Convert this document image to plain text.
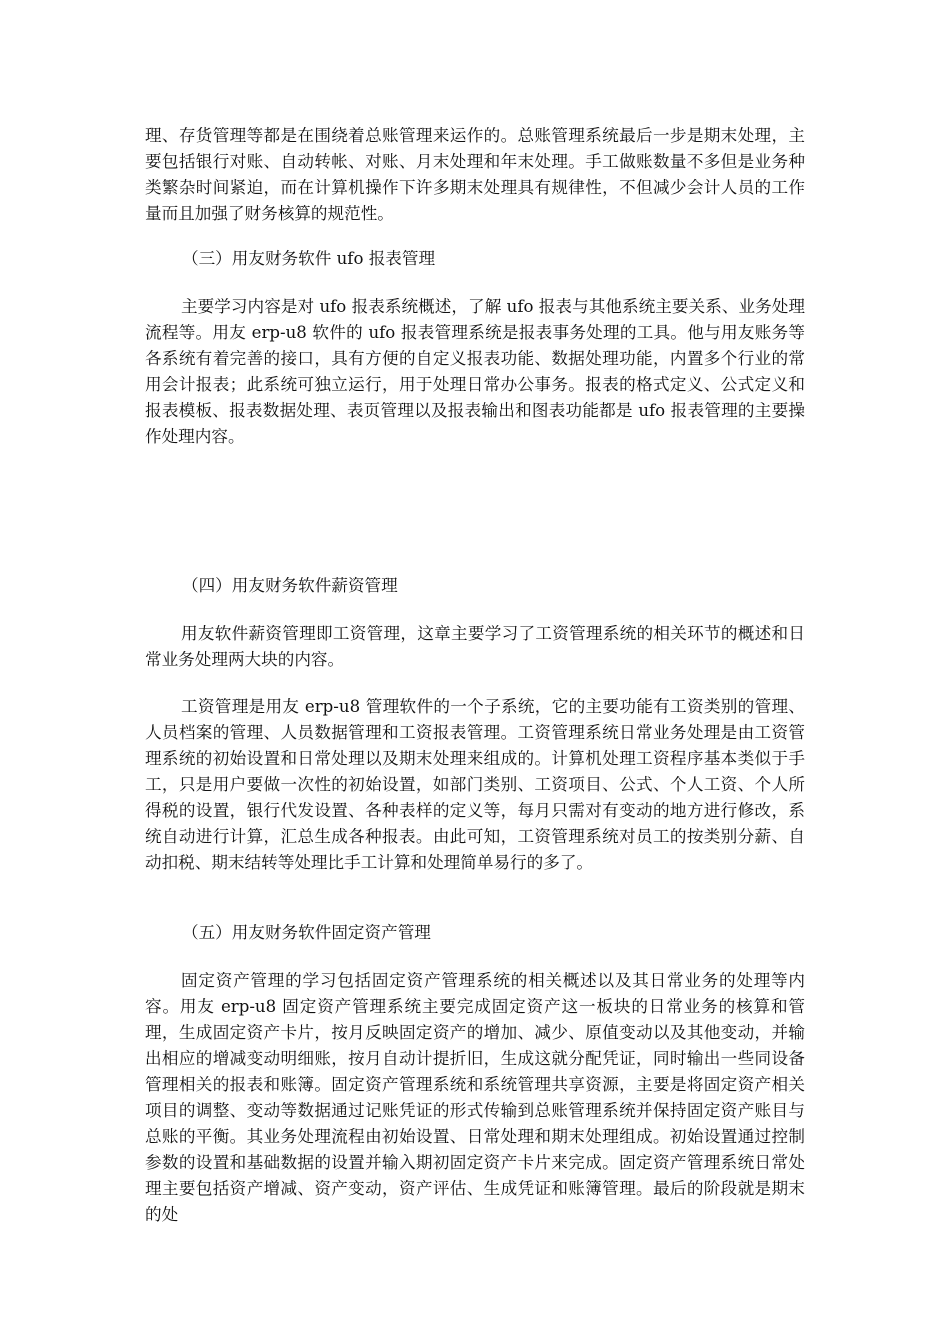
理、存货管理等都是在围绕着总账管理来运作的。总账管理系统最后一步是期末处理，主要包括银行对账、自动转帐、对账、月末处理和年末处理。手工做账数量不多但是业务种类繁杂时间紧迫，而在计算机操作下许多期末处理具有规律性，不但减少会计人员的工作量而且加强了财务核算的规范性。

（三）用友财务软件 ufo 报表管理

主要学习内容是对 ufo 报表系统概述，了解 ufo 报表与其他系统主要关系、业务处理流程等。用友 erp-u8 软件的 ufo 报表管理系统是报表事务处理的工具。他与用友账务等各系统有着完善的接口，具有方便的自定义报表功能、数据处理功能，内置多个行业的常用会计报表；此系统可独立运行，用于处理日常办公事务。报表的格式定义、公式定义和报表模板、报表数据处理、表页管理以及报表输出和图表功能都是 ufo 报表管理的主要操作处理内容。

（四）用友财务软件薪资管理

用友软件薪资管理即工资管理，这章主要学习了工资管理系统的相关环节的概述和日常业务处理两大块的内容。

工资管理是用友 erp-u8 管理软件的一个子系统，它的主要功能有工资类别的管理、人员档案的管理、人员数据管理和工资报表管理。工资管理系统日常业务处理是由工资管理系统的初始设置和日常处理以及期末处理来组成的。计算机处理工资程序基本类似于手工，只是用户要做一次性的初始设置，如部门类别、工资项目、公式、个人工资、个人所得税的设置，银行代发设置、各种表样的定义等，每月只需对有变动的地方进行修改，系统自动进行计算，汇总生成各种报表。由此可知，工资管理系统对员工的按类别分薪、自动扣税、期末结转等处理比手工计算和处理简单易行的多了。

（五）用友财务软件固定资产管理

固定资产管理的学习包括固定资产管理系统的相关概述以及其日常业务的处理等内容。用友 erp-u8 固定资产管理系统主要完成固定资产这一板块的日常业务的核算和管理，生成固定资产卡片，按月反映固定资产的增加、减少、原值变动以及其他变动，并输出相应的增减变动明细账，按月自动计提折旧，生成这就分配凭证，同时输出一些同设备管理相关的报表和账簿。固定资产管理系统和系统管理共享资源，主要是将固定资产相关项目的调整、变动等数据通过记账凭证的形式传输到总账管理系统并保持固定资产账目与总账的平衡。其业务处理流程由初始设置、日常处理和期末处理组成。初始设置通过控制参数的设置和基础数据的设置并输入期初固定资产卡片来完成。固定资产管理系统日常处理主要包括资产增减、资产变动，资产评估、生成凭证和账簿管理。最后的阶段就是期末的处
